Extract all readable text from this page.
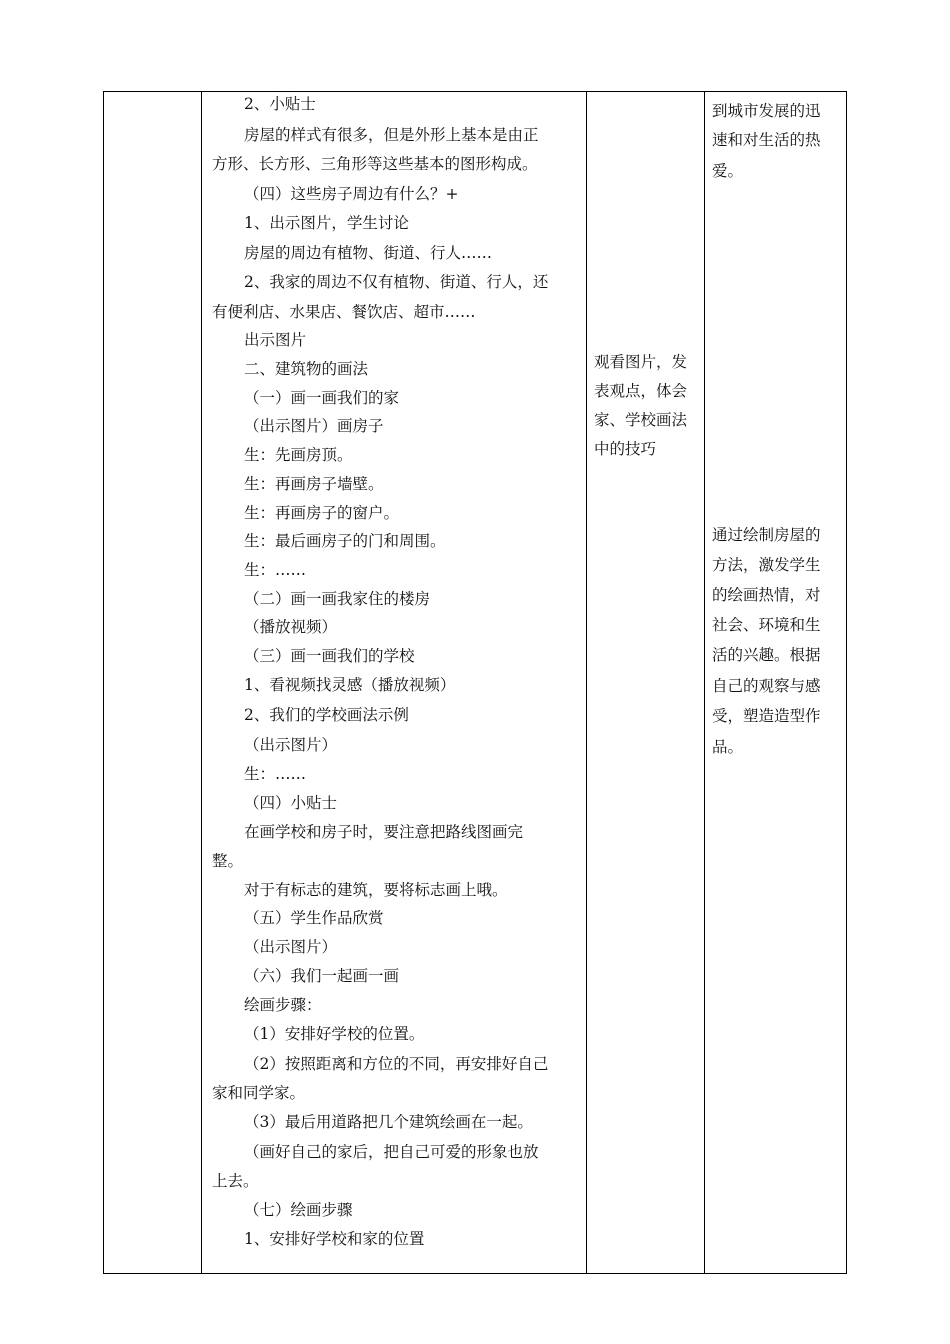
2、小贴士
房屋的样式有很多，但是外形上基本是由正
方形、长方形、三角形等这些基本的图形构成。
（四）这些房子周边有什么？+
1、出示图片，学生讨论
房屋的周边有植物、街道、行人……
2、我家的周边不仅有植物、街道、行人，还
有便利店、水果店、餐饮店、超市……
出示图片
二、建筑物的画法
（一）画一画我们的家
（出示图片）画房子
生：先画房顶。
生：再画房子墙壁。
生：再画房子的窗户。
生：最后画房子的门和周围。
生：……
（二）画一画我家住的楼房
（播放视频）
（三）画一画我们的学校
1、看视频找灵感（播放视频）
2、我们的学校画法示例
（出示图片）
生：……
（四）小贴士
在画学校和房子时，要注意把路线图画完
整。
对于有标志的建筑，要将标志画上哦。
（五）学生作品欣赏
（出示图片）
（六）我们一起画一画
绘画步骤：
（1）安排好学校的位置。
（2）按照距离和方位的不同，再安排好自己
家和同学家。
（3）最后用道路把几个建筑绘画在一起。
（画好自己的家后，把自己可爱的形象也放
上去。
（七）绘画步骤
1、安排好学校和家的位置
观看图片，发
表观点，体会
家、学校画法
中的技巧
到城市发展的迅
速和对生活的热
爱。
通过绘制房屋的
方法，激发学生
的绘画热情，对
社会、环境和生
活的兴趣。根据
自己的观察与感
受，塑造造型作
品。
